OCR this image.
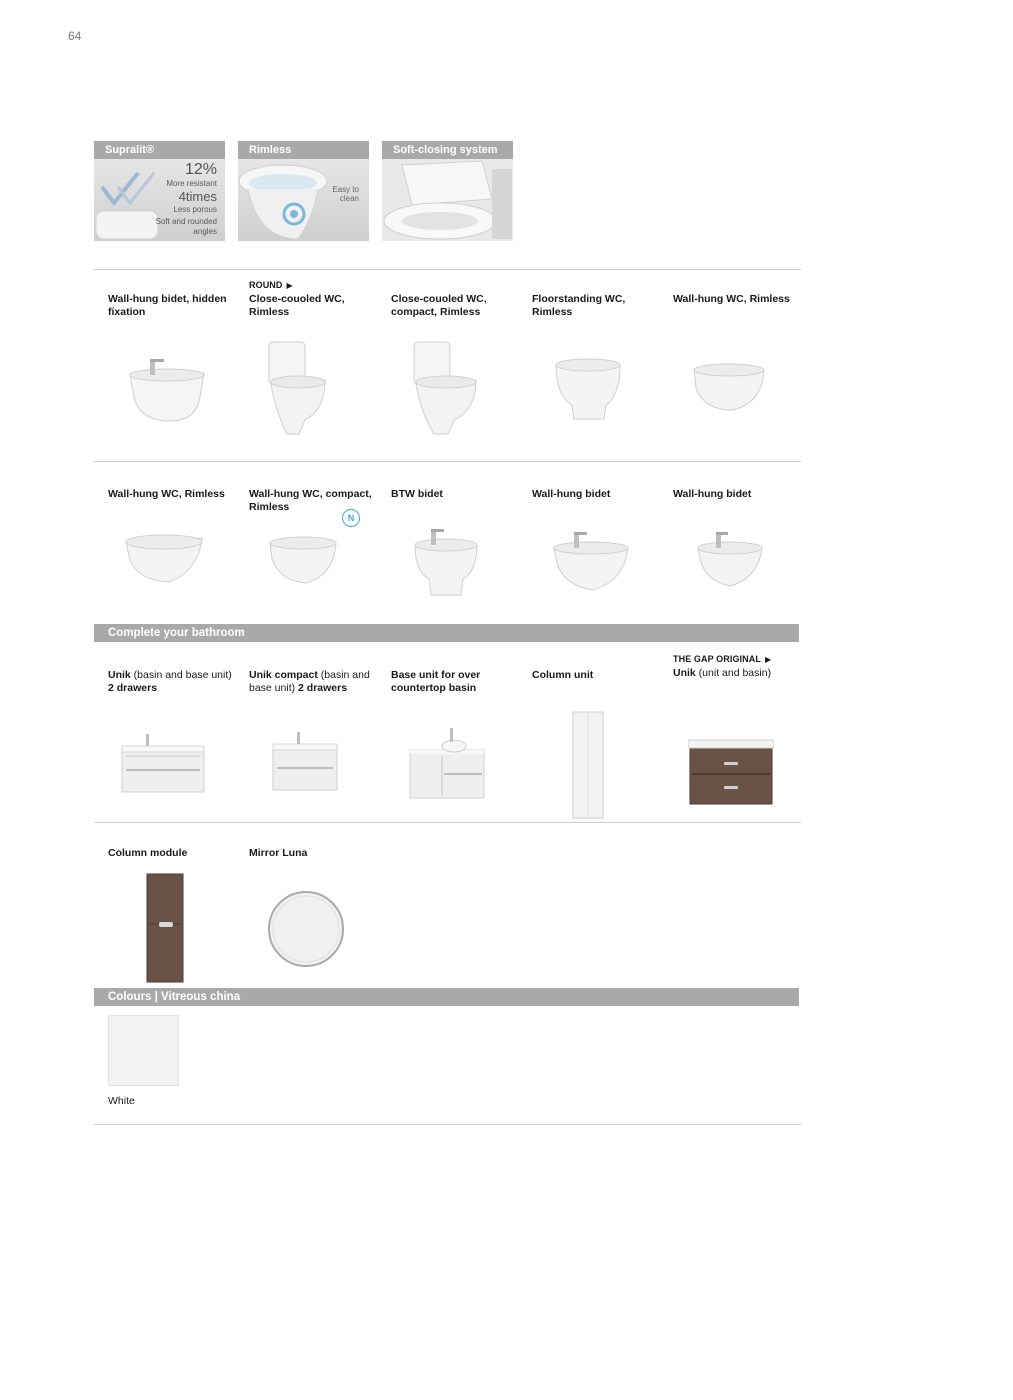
64
Supralit®
12%
More resistant
4times
Less porous
Soft and rounded
angles
Rimless
Easy to
clean
Soft-closing system
Wall-hung bidet, hidden fixation
ROUND ▶
Close-couoled WC, Rimless
Close-couoled WC, compact, Rimless
Floorstanding WC, Rimless
Wall-hung WC, Rimless
Wall-hung WC, Rimless	Wall-hung WC, compact, Rimless
N
BTW bidet	Wall-hung bidet	Wall-hung bidet
Complete your bathroom
Unik (basin and base unit)
2 drawers
Unik compact (basin and base unit) 2 drawers
Base unit for over countertop basin
Column unit
THE GAP ORIGINAL ▶
Unik (unit and basin)
Column module	Mirror Luna
Colours | Vitreous china
White
